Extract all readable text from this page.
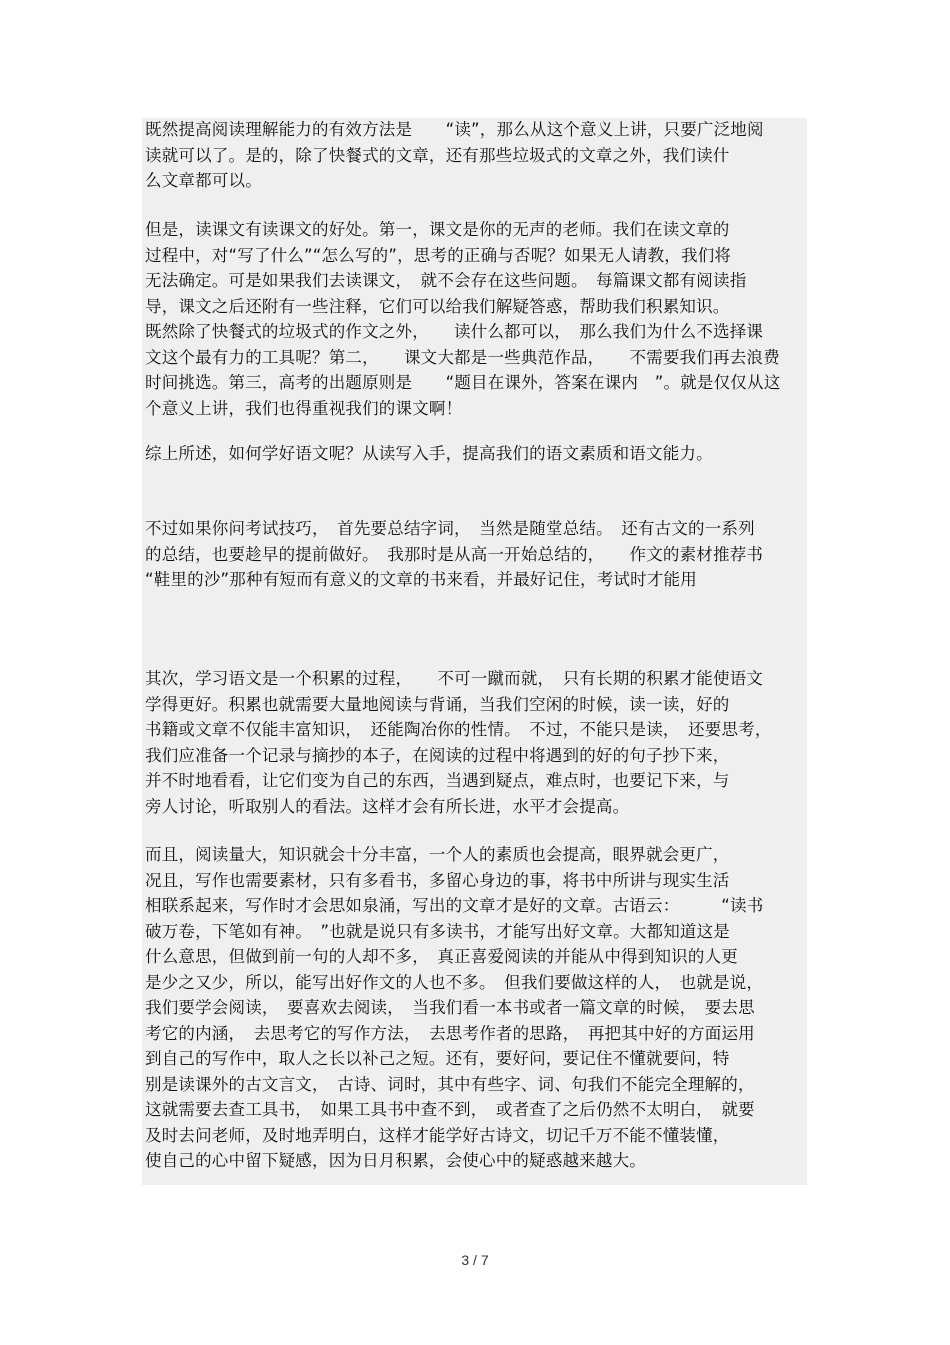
既然提高阅读理解能力的有效方法是　　“读”，那么从这个意义上讲，只要广泛地阅
读就可以了。是的，除了快餐式的文章，还有那些垃圾式的文章之外，我们读什
么文章都可以。
但是，读课文有读课文的好处。第一，课文是你的无声的老师。我们在读文章的
过程中，对“写了什么”“怎么写的”，思考的正确与否呢？如果无人请教，我们将
无法确定。可是如果我们去读课文，　就不会存在这些问题。　每篇课文都有阅读指
导，课文之后还附有一些注释，它们可以给我们解疑答惑，帮助我们积累知识。
既然除了快餐式的垃圾式的作文之外，　　读什么都可以，　那么我们为什么不选择课
文这个最有力的工具呢？第二，　　课文大都是一些典范作品，　　不需要我们再去浪费
时间挑选。第三，高考的出题原则是　　“题目在课外，答案在课内　”。就是仅仅从这
个意义上讲，我们也得重视我们的课文啊！
综上所述，如何学好语文呢？从读写入手，提高我们的语文素质和语文能力。
不过如果你问考试技巧，　首先要总结字词，　当然是随堂总结。　还有古文的一系列
的总结，也要趁早的提前做好。　我那时是从高一开始总结的，　　作文的素材推荐书
“鞋里的沙”那种有短而有意义的文章的书来看，并最好记住，考试时才能用
其次，学习语文是一个积累的过程，　　不可一蹴而就，　只有长期的积累才能使语文
学得更好。积累也就需要大量地阅读与背诵，当我们空闲的时候，读一读，好的
书籍或文章不仅能丰富知识，　还能陶冶你的性情。　不过，不能只是读，　还要思考，
我们应准备一个记录与摘抄的本子，在阅读的过程中将遇到的好的句子抄下来，
并不时地看看，让它们变为自己的东西，当遇到疑点，难点时，也要记下来，与
旁人讨论，听取别人的看法。这样才会有所长进，水平才会提高。
而且，阅读量大，知识就会十分丰富，一个人的素质也会提高，眼界就会更广，
况且，写作也需要素材，只有多看书，多留心身边的事，将书中所讲与现实生活
相联系起来，写作时才会思如泉涌，写出的文章才是好的文章。古语云：　　　“读书
破万卷，下笔如有神。　”也就是说只有多读书，才能写出好文章。大都知道这是
什么意思，但做到前一句的人却不多，　真正喜爱阅读的并能从中得到知识的人更
是少之又少，所以，能写出好作文的人也不多。　但我们要做这样的人，　也就是说，
我们要学会阅读，　要喜欢去阅读，　当我们看一本书或者一篇文章的时候，　要去思
考它的内涵，　去思考它的写作方法，　去思考作者的思路，　再把其中好的方面运用
到自己的写作中，取人之长以补己之短。还有，要好问，要记住不懂就要问，特
别是读课外的古文言文，　古诗、词时，其中有些字、词、句我们不能完全理解的，
这就需要去查工具书，　如果工具书中查不到，　或者查了之后仍然不太明白，　就要
及时去问老师，及时地弄明白，这样才能学好古诗文，切记千万不能不懂装懂，
使自己的心中留下疑感，因为日月积累，会使心中的疑惑越来越大。
3 / 7
